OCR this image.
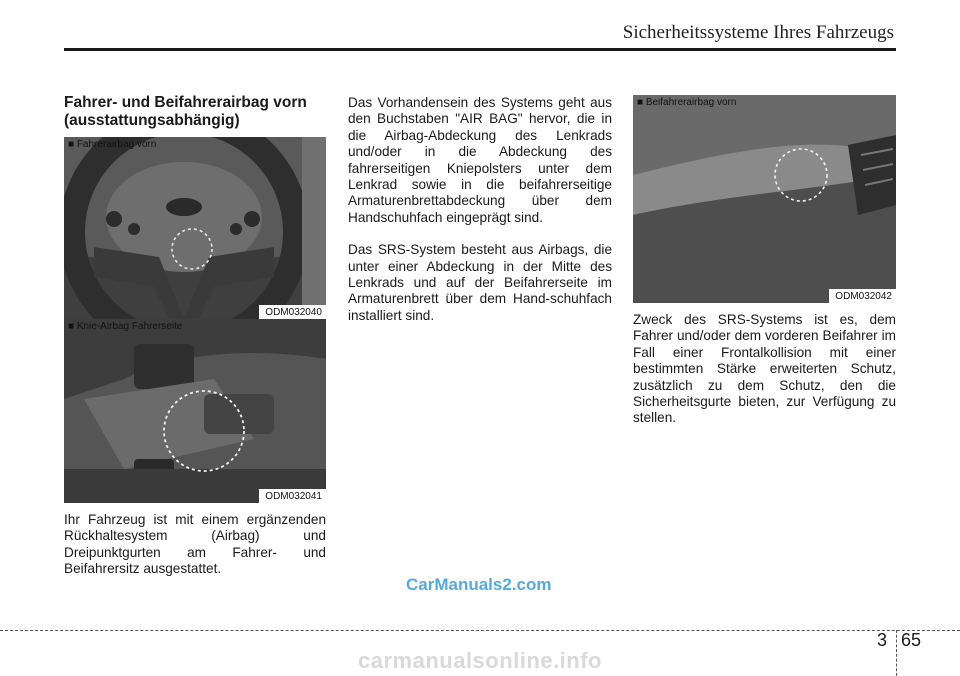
Sicherheitssysteme Ihres Fahrzeugs
Fahrer- und Beifahrerairbag vorn (ausstattungsabhängig)
■ Fahrerairbag vorn
ODM032040
■ Knie-Airbag Fahrerseite
ODM032041
Ihr Fahrzeug ist mit einem ergänzenden Rückhaltesystem (Airbag) und Dreipunktgurten am Fahrer- und Beifahrersitz ausgestattet.

Das Vorhandensein des Systems geht aus den Buchstaben "AIR BAG" hervor, die in die Airbag-Abdeckung des Lenkrads und/oder in die Abdeckung des fahrerseitigen Kniepolsters unter dem Lenkrad sowie in die beifahrerseitige Armaturenbrettabdeckung über dem Handschuhfach eingeprägt sind.

Das SRS-System besteht aus Airbags, die unter einer Abdeckung in der Mitte des Lenkrads und auf der Beifahrerseite im Armaturenbrett über dem Hand-schuhfach installiert sind.

■ Beifahrerairbag vorn
ODM032042
Zweck des SRS-Systems ist es, dem Fahrer und/oder dem vorderen Beifahrer im Fall einer Frontalkollision mit einer bestimmten Stärke erweiterten Schutz, zusätzlich zu dem Schutz, den die Sicherheitsgurte bieten, zur Verfügung zu stellen.
CarManuals2.com
3 65
carmanualsonline.info
